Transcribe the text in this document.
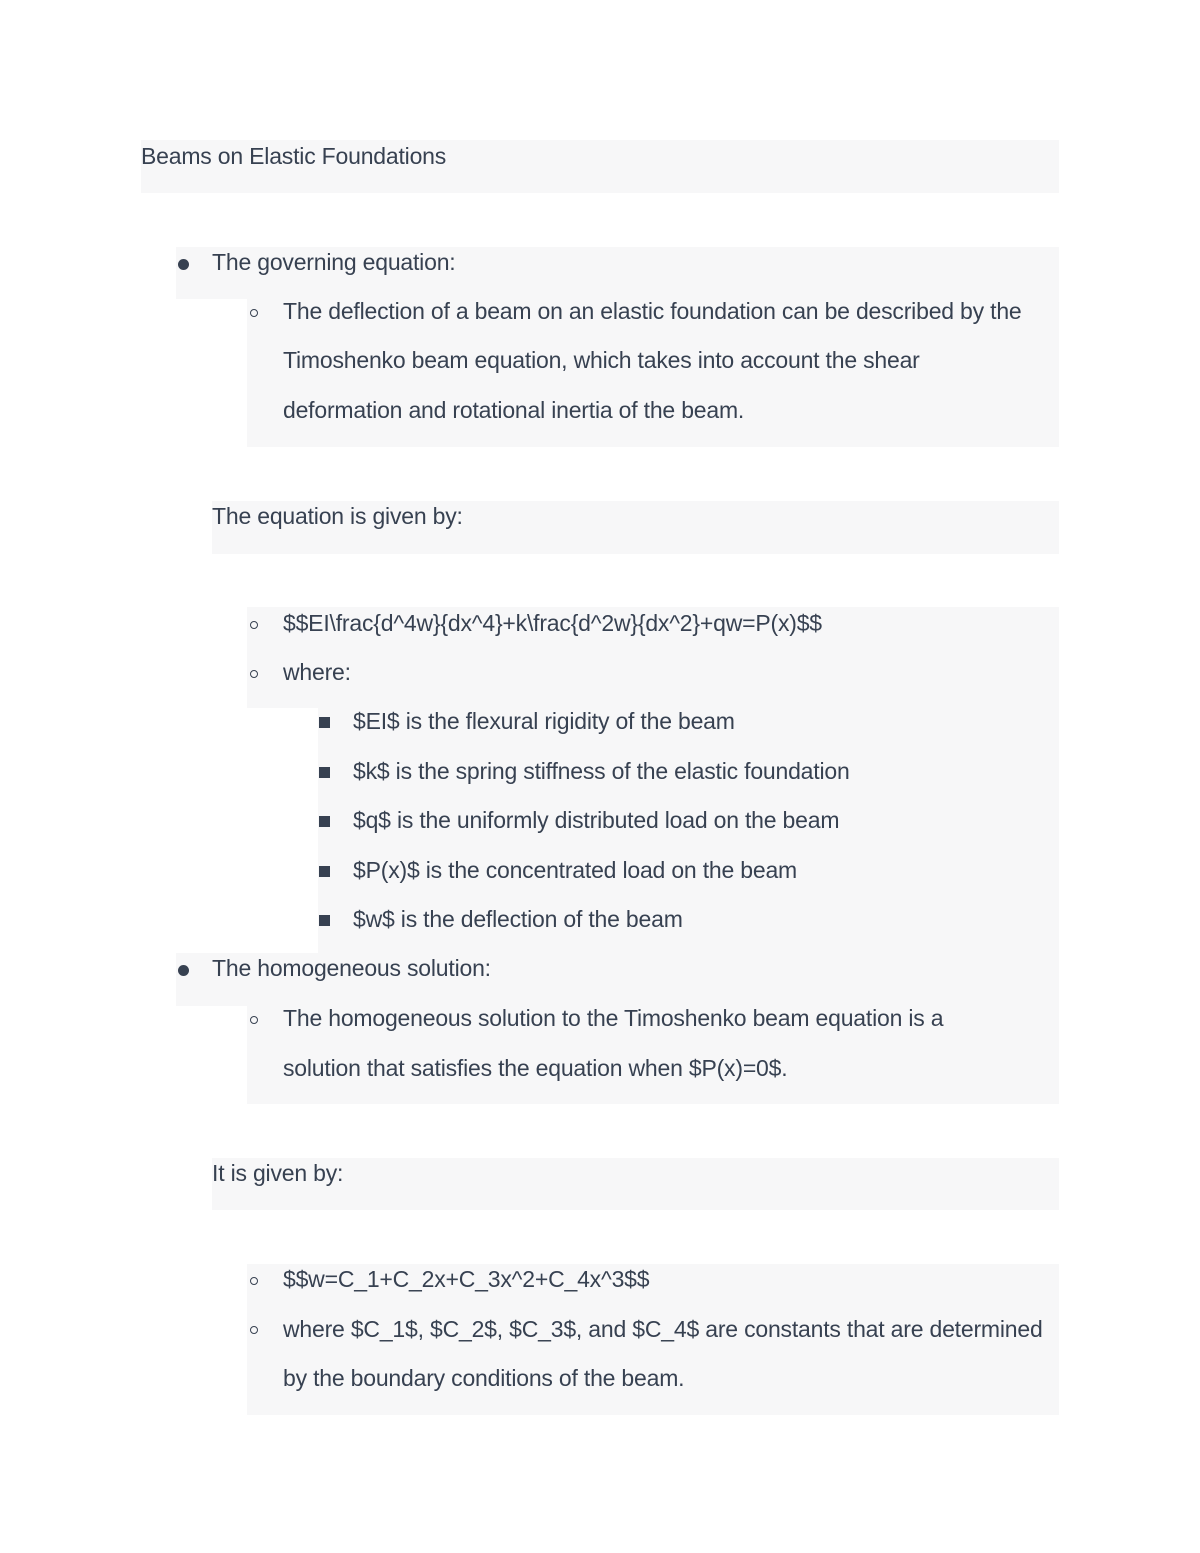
Beams on Elastic Foundations
The governing equation:
The deflection of a beam on an elastic foundation can be described by the
Timoshenko beam equation, which takes into account the shear
deformation and rotational inertia of the beam.
The equation is given by:
$$EI\frac{d^4w}{dx^4}+k\frac{d^2w}{dx^2}+qw=P(x)$$
where:
$EI$ is the flexural rigidity of the beam
$k$ is the spring stiffness of the elastic foundation
$q$ is the uniformly distributed load on the beam
$P(x)$ is the concentrated load on the beam
$w$ is the deflection of the beam
The homogeneous solution:
The homogeneous solution to the Timoshenko beam equation is a
solution that satisfies the equation when $P(x)=0$.
It is given by:
$$w=C_1+C_2x+C_3x^2+C_4x^3$$
where $C_1$, $C_2$, $C_3$, and $C_4$ are constants that are determined
by the boundary conditions of the beam.
